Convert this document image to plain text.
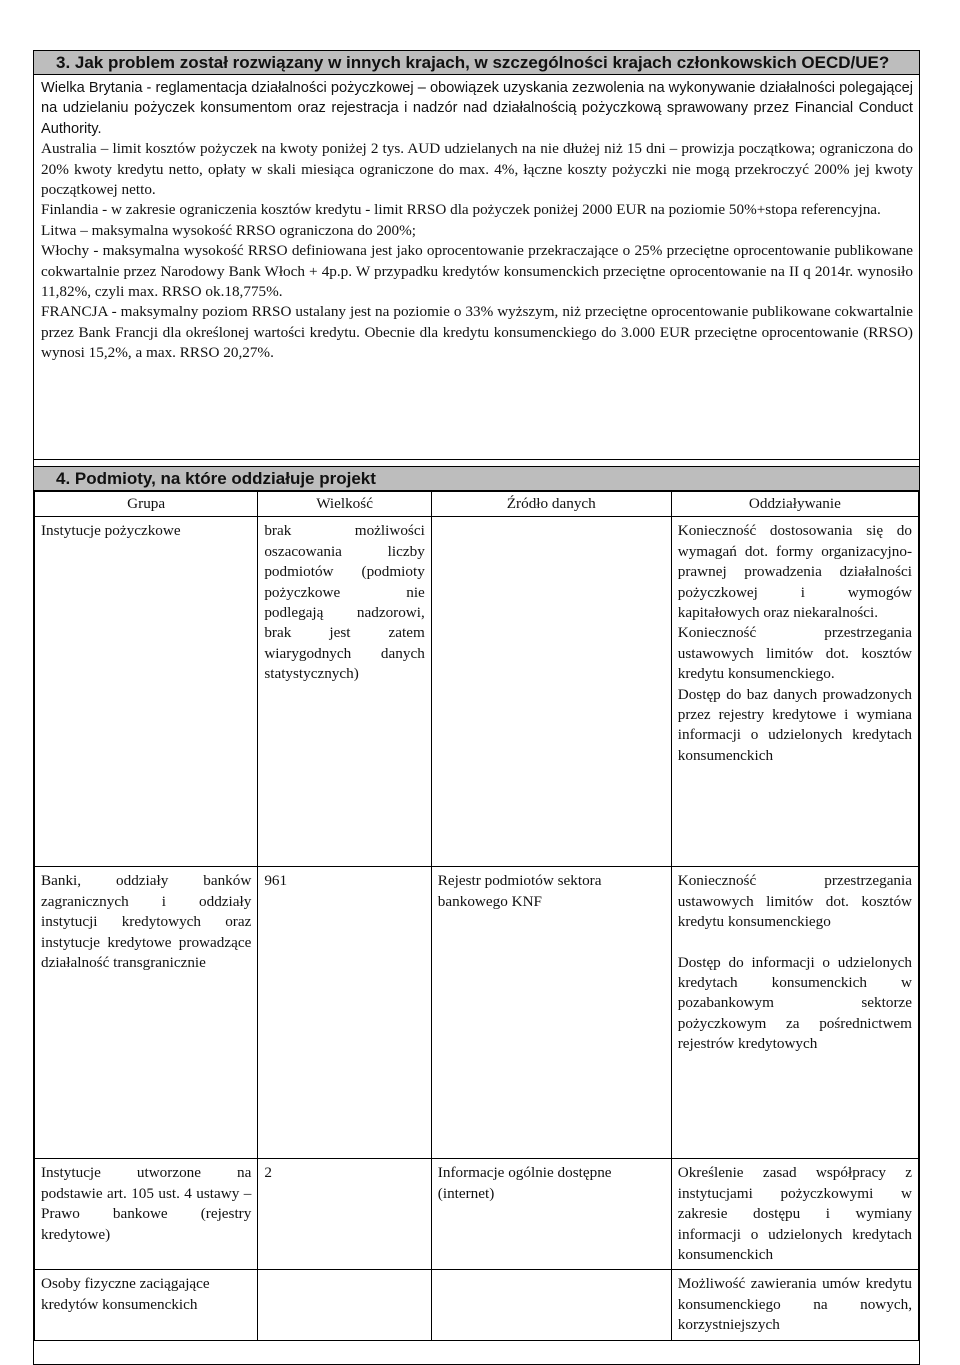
3. Jak problem został rozwiązany w innych krajach, w szczególności krajach członkowskich OECD/UE?

Wielka Brytania - reglamentacja działalności pożyczkowej – obowiązek uzyskania zezwolenia na wykonywanie działalności polegającej na udzielaniu pożyczek konsumentom oraz rejestracja i nadzór nad działalnością pożyczkową sprawowany przez Financial Conduct Authority.

Australia – limit kosztów pożyczek na kwoty poniżej 2 tys. AUD udzielanych na nie dłużej niż 15 dni – prowizja początkowa; ograniczona do 20% kwoty kredytu netto, opłaty w skali miesiąca ograniczone do max. 4%, łączne koszty pożyczki nie mogą przekroczyć 200% jej kwoty początkowej netto.

Finlandia - w zakresie ograniczenia kosztów kredytu - limit RRSO dla pożyczek poniżej 2000 EUR na poziomie 50%+stopa referencyjna.

Litwa – maksymalna wysokość RRSO ograniczona do 200%;

Włochy - maksymalna wysokość RRSO definiowana jest jako oprocentowanie przekraczające o 25% przeciętne oprocentowanie publikowane cokwartalnie przez Narodowy Bank Włoch + 4p.p. W przypadku kredytów konsumenckich przeciętne oprocentowanie na II q 2014r. wynosiło 11,82%, czyli max. RRSO ok.18,775%.

FRANCJA - maksymalny poziom RRSO ustalany jest na poziomie o 33% wyższym, niż przeciętne oprocentowanie publikowane cokwartalnie przez Bank Francji dla określonej wartości kredytu. Obecnie dla kredytu konsumenckiego do 3.000 EUR przeciętne oprocentowanie (RRSO) wynosi 15,2%, a max. RRSO 20,27%.

4. Podmioty, na które oddziałuje projekt
Grupa	Wielkość	Źródło danych	Oddziaływanie
Instytucje pożyczkowe	brak możliwości oszacowania liczby podmiotów (podmioty pożyczkowe nie podlegają nadzorowi, brak jest zatem wiarygodnych danych statystycznych)		Konieczność dostosowania się do wymagań dot. formy organizacyjno-prawnej prowadzenia działalności pożyczkowej i wymogów kapitałowych oraz niekaralności.
Konieczność przestrzegania ustawowych limitów dot. kosztów kredytu konsumenckiego.
Dostęp do baz danych prowadzonych przez rejestry kredytowe i wymiana informacji o udzielonych kredytach konsumenckich

Banki, oddziały banków zagranicznych i oddziały instytucji kredytowych oraz instytucje kredytowe prowadzące działalność transgranicznie	961	Rejestr podmiotów sektora bankowego KNF	Konieczność przestrzegania ustawowych limitów dot. kosztów kredytu konsumenckiego
Dostęp do informacji o udzielonych kredytach konsumenckich w pozabankowym sektorze pożyczkowym za pośrednictwem rejestrów kredytowych

Instytucje utworzone na podstawie art. 105 ust. 4 ustawy – Prawo bankowe (rejestry kredytowe)	2	Informacje ogólnie dostępne (internet)	Określenie zasad współpracy z instytucjami pożyczkowymi w zakresie dostępu i wymiany informacji o udzielonych kredytach konsumenckich

Osoby fizyczne zaciągające kredytów konsumenckich			Możliwość zawierania umów kredytu konsumenckiego na nowych, korzystniejszych
